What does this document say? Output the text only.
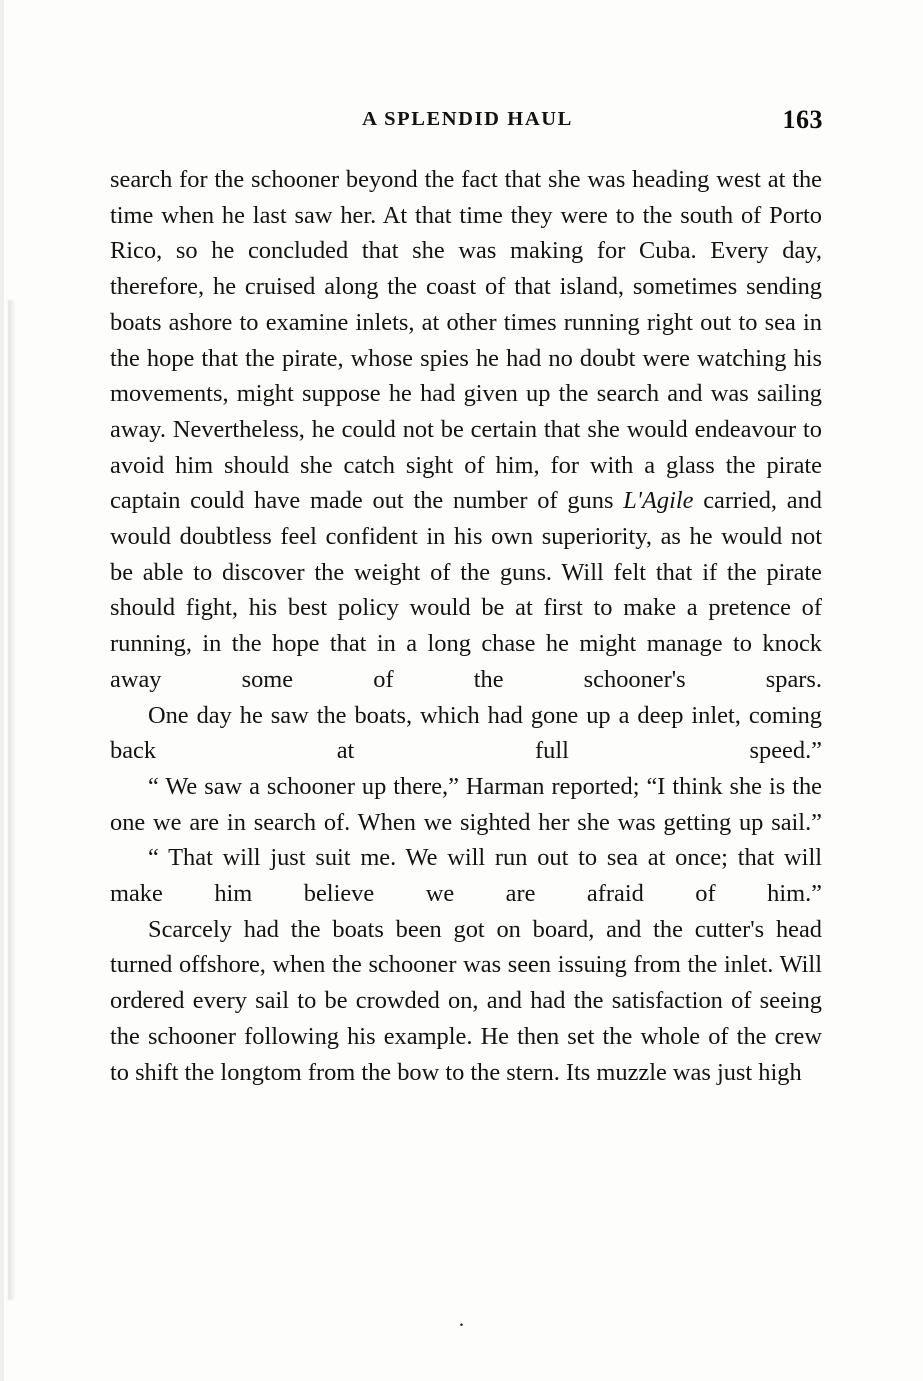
A SPLENDID HAUL	163

search for the schooner beyond the fact that she was heading west at the time when he last saw her. At that time they were to the south of Porto Rico, so he concluded that she was making for Cuba. Every day, therefore, he cruised along the coast of that island, sometimes sending boats ashore to examine inlets, at other times running right out to sea in the hope that the pirate, whose spies he had no doubt were watching his movements, might suppose he had given up the search and was sailing away. Nevertheless, he could not be certain that she would endeavour to avoid him should she catch sight of him, for with a glass the pirate captain could have made out the number of guns L'Agile carried, and would doubtless feel confident in his own superiority, as he would not be able to discover the weight of the guns. Will felt that if the pirate should fight, his best policy would be at first to make a pretence of running, in the hope that in a long chase he might manage to knock away some of the schooner's spars.

One day he saw the boats, which had gone up a deep inlet, coming back at full speed.”

“ We saw a schooner up there,” Harman reported; “I think she is the one we are in search of. When we sighted her she was getting up sail.”

“ That will just suit me. We will run out to sea at once; that will make him believe we are afraid of him.”

Scarcely had the boats been got on board, and the cutter's head turned offshore, when the schooner was seen issuing from the inlet. Will ordered every sail to be crowded on, and had the satisfaction of seeing the schooner following his example. He then set the whole of the crew to shift the longtom from the bow to the stern. Its muzzle was just high

.
